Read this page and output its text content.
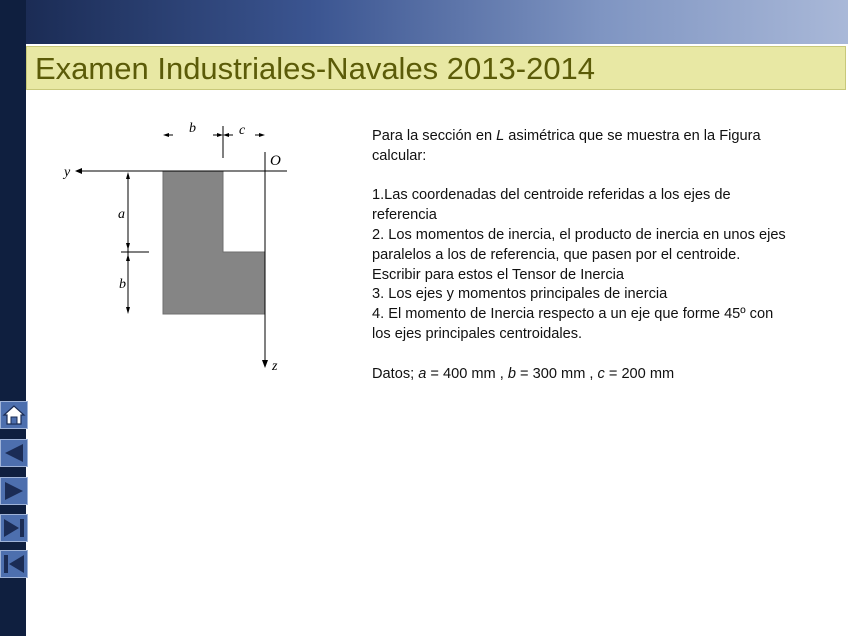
Examen Industriales-Navales 2013-2014
y
z
O
b	c
a
b

Para la sección en L asimétrica que se muestra en la Figura calcular:

1.Las coordenadas del centroide referidas a los ejes de referencia

2. Los momentos de inercia, el producto de inercia en unos ejes paralelos a los de referencia, que pasen por el centroide. Escribir para estos el Tensor de Inercia

3. Los ejes y momentos principales de inercia

4. El momento de Inercia respecto a un eje que forme 45º con los ejes principales centroidales.

Datos; a = 400 mm , b = 300 mm , c = 200 mm
